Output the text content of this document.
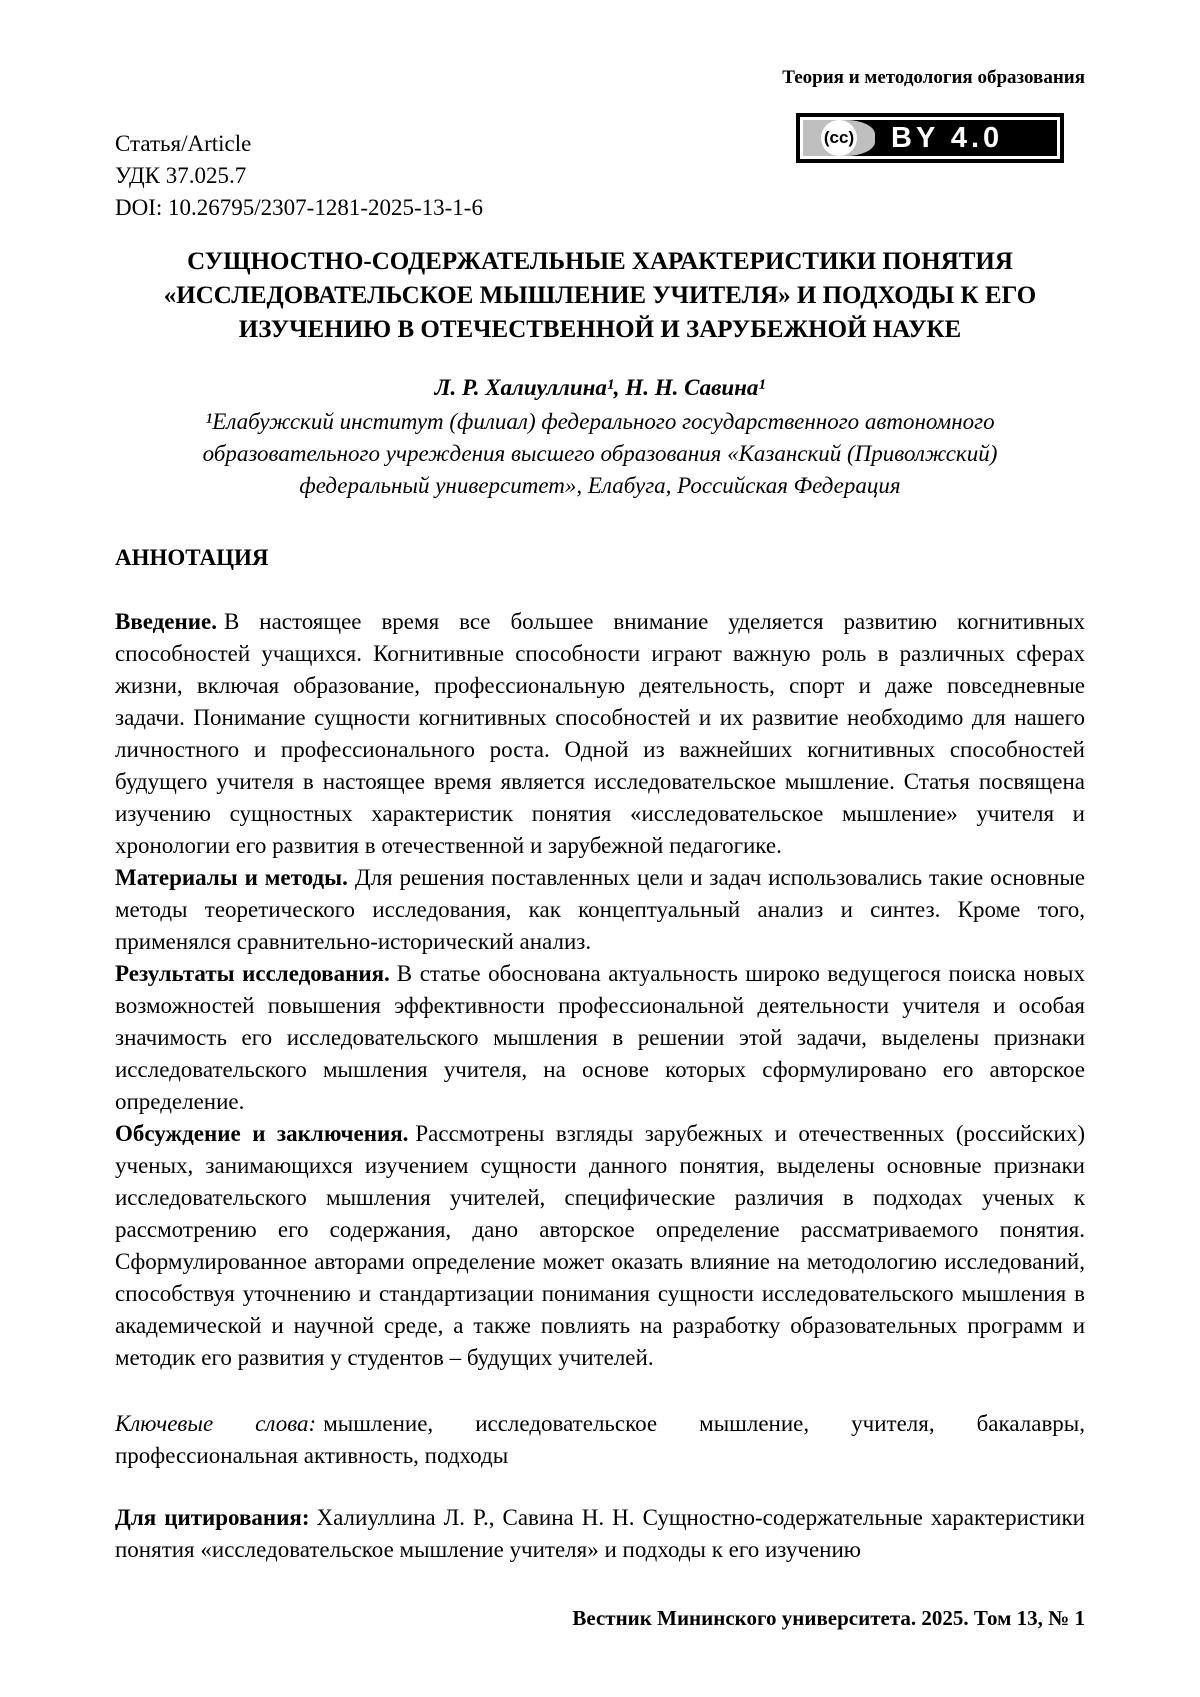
Теория и методология образования
Статья/Article
УДК 37.025.7
DOI: 10.26795/2307-1281-2025-13-1-6
(cc) BY 4.0
СУЩНОСТНО-СОДЕРЖАТЕЛЬНЫЕ ХАРАКТЕРИСТИКИ ПОНЯТИЯ «ИССЛЕДОВАТЕЛЬСКОЕ МЫШЛЕНИЕ УЧИТЕЛЯ» И ПОДХОДЫ К ЕГО ИЗУЧЕНИЮ В ОТЕЧЕСТВЕННОЙ И ЗАРУБЕЖНОЙ НАУКЕ
Л. Р. Халиуллина¹, Н. Н. Савина¹
¹Елабужский институт (филиал) федерального государственного автономного образовательного учреждения высшего образования «Казанский (Приволжский) федеральный университет», Елабуга, Российская Федерация
АННОТАЦИЯ

Введение. В настоящее время все большее внимание уделяется развитию когнитивных способностей учащихся. Когнитивные способности играют важную роль в различных сферах жизни, включая образование, профессиональную деятельность, спорт и даже повседневные задачи. Понимание сущности когнитивных способностей и их развитие необходимо для нашего личностного и профессионального роста. Одной из важнейших когнитивных способностей будущего учителя в настоящее время является исследовательское мышление. Статья посвящена изучению сущностных характеристик понятия «исследовательское мышление» учителя и хронологии его развития в отечественной и зарубежной педагогике.

Материалы и методы. Для решения поставленных цели и задач использовались такие основные методы теоретического исследования, как концептуальный анализ и синтез. Кроме того, применялся сравнительно-исторический анализ.

Результаты исследования. В статье обоснована актуальность широко ведущегося поиска новых возможностей повышения эффективности профессиональной деятельности учителя и особая значимость его исследовательского мышления в решении этой задачи, выделены признаки исследовательского мышления учителя, на основе которых сформулировано его авторское определение.

Обсуждение и заключения. Рассмотрены взгляды зарубежных и отечественных (российских) ученых, занимающихся изучением сущности данного понятия, выделены основные признаки исследовательского мышления учителей, специфические различия в подходах ученых к рассмотрению его содержания, дано авторское определение рассматриваемого понятия. Сформулированное авторами определение может оказать влияние на методологию исследований, способствуя уточнению и стандартизации понимания сущности исследовательского мышления в академической и научной среде, а также повлиять на разработку образовательных программ и методик его развития у студентов – будущих учителей.

Ключевые слова: мышление, исследовательское мышление, учителя, бакалавры, профессиональная активность, подходы

Для цитирования: Халиуллина Л. Р., Савина Н. Н. Сущностно-содержательные характеристики понятия «исследовательское мышление учителя» и подходы к его изучению

Вестник Мининского университета. 2025. Том 13, № 1
